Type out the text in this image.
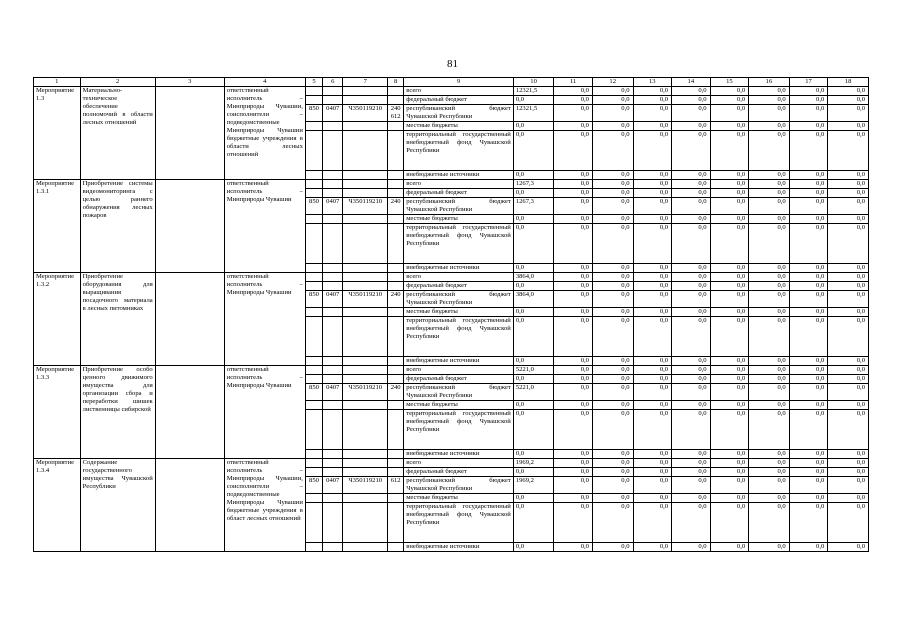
81
1	2	3	4	5	6	7	8	9	10	11	12	13	14	15	16	17	18
Мероприятие 1.3	Материально-техническое обеспечение полномочий в области лесных отношений		ответственный исполнитель – Минприроды Чувашии, соисполнители – подведомственные Минприроды Чувашии бюджетные учреждения в области лесных отношений					всего	12321,5	0,0	0,0	0,0	0,0	0,0	0,0	0,0	0,0
								федеральный бюджет	0,0	0,0	0,0	0,0	0,0	0,0	0,0	0,0	0,0
				850	0407	Ч350119210	240 612	республиканский бюджет Чувашской Республики	12321,5	0,0	0,0	0,0	0,0	0,0	0,0	0,0	0,0
								местные бюджеты	0,0	0,0	0,0	0,0	0,0	0,0	0,0	0,0	0,0
								территориальный государственный внебюджетный фонд Чувашской Республики	0,0	0,0	0,0	0,0	0,0	0,0	0,0	0,0	0,0
								внебюджетные источники	0,0	0,0	0,0	0,0	0,0	0,0	0,0	0,0	0,0
Мероприятие 1.3.1	Приобретение системы видеомониторинга с целью раннего обнаружения лесных пожаров		ответственный исполнитель – Минприроды Чувашии					всего	1267,3	0,0	0,0	0,0	0,0	0,0	0,0	0,0	0,0
								федеральный бюджет	0,0	0,0	0,0	0,0	0,0	0,0	0,0	0,0	0,0
				850	0407	Ч350119210	240	республиканский бюджет Чувашской Республики	1267,3	0,0	0,0	0,0	0,0	0,0	0,0	0,0	0,0
								местные бюджеты	0,0	0,0	0,0	0,0	0,0	0,0	0,0	0,0	0,0
								территориальный государственный внебюджетный фонд Чувашской Республики	0,0	0,0	0,0	0,0	0,0	0,0	0,0	0,0	0,0
								внебюджетные источники	0,0	0,0	0,0	0,0	0,0	0,0	0,0	0,0	0,0
Мероприятие 1.3.2	Приобретение оборудования для выращивания посадочного материала в лесных питомниках		ответственный исполнитель – Минприроды Чувашии					всего	3864,0	0,0	0,0	0,0	0,0	0,0	0,0	0,0	0,0
								федеральный бюджет	0,0	0,0	0,0	0,0	0,0	0,0	0,0	0,0	0,0
				850	0407	Ч350119210	240	республиканский бюджет Чувашской Республики	3864,0	0,0	0,0	0,0	0,0	0,0	0,0	0,0	0,0
								местные бюджеты	0,0	0,0	0,0	0,0	0,0	0,0	0,0	0,0	0,0
								территориальный государственный внебюджетный фонд Чувашской Республики	0,0	0,0	0,0	0,0	0,0	0,0	0,0	0,0	0,0
								внебюджетные источники	0,0	0,0	0,0	0,0	0,0	0,0	0,0	0,0	0,0
Мероприятие 1.3.3	Приобретение особо ценного движимого имущества для организации сбора и переработки шишек лиственницы сибирской		ответственный исполнитель – Минприроды Чувашии					всего	5221,0	0,0	0,0	0,0	0,0	0,0	0,0	0,0	0,0
								федеральный бюджет	0,0	0,0	0,0	0,0	0,0	0,0	0,0	0,0	0,0
				850	0407	Ч350119210	240	республиканский бюджет Чувашской Республики	5221,0	0,0	0,0	0,0	0,0	0,0	0,0	0,0	0,0
								местные бюджеты	0,0	0,0	0,0	0,0	0,0	0,0	0,0	0,0	0,0
								территориальный государственный внебюджетный фонд Чувашской Республики	0,0	0,0	0,0	0,0	0,0	0,0	0,0	0,0	0,0
								внебюджетные источники	0,0	0,0	0,0	0,0	0,0	0,0	0,0	0,0	0,0
Мероприятие 1.3.4	Содержание государственного имущества Чувашской Республики		ответственный исполнитель – Минприроды Чувашии, соисполнители – подведомственные Минприроды Чувашии бюджетные учреждения в област лесных отношений					всего	1969,2	0,0	0,0	0,0	0,0	0,0	0,0	0,0	0,0
								федеральный бюджет	0,0	0,0	0,0	0,0	0,0	0,0	0,0	0,0	0,0
				850	0407	Ч350119210	612	республиканский бюджет Чувашской Республики	1969,2	0,0	0,0	0,0	0,0	0,0	0,0	0,0	0,0
								местные бюджеты	0,0	0,0	0,0	0,0	0,0	0,0	0,0	0,0	0,0
								территориальный государственный внебюджетный фонд Чувашской Республики	0,0	0,0	0,0	0,0	0,0	0,0	0,0	0,0	0,0
								внебюджетные источники	0,0	0,0	0,0	0,0	0,0	0,0	0,0	0,0	0,0
